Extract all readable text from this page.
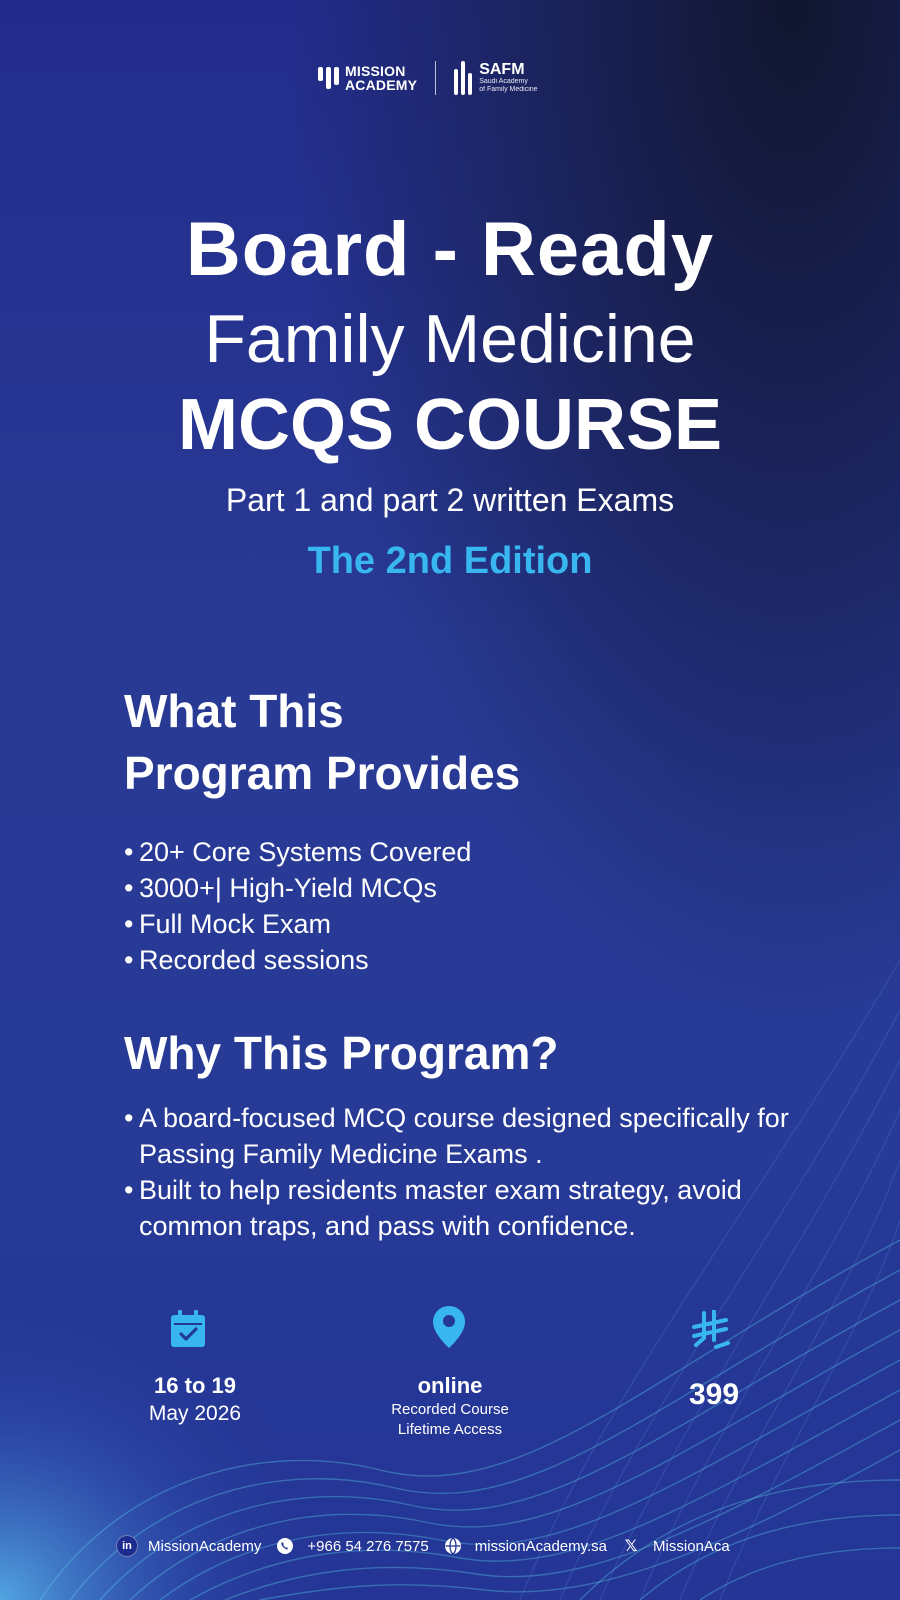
MISSION
ACADEMY
SAFM
Saudi Academy
of Family Medicine
Board - Ready
Family Medicine
MCQS COURSE
Part 1 and part 2 written Exams
The 2nd Edition
What This
Program Provides
• 20+ Core Systems Covered
• 3000+| High-Yield MCQs
• Full Mock Exam
• Recorded sessions
Why This Program?
• A board-focused MCQ course designed specifically for Passing Family Medicine Exams .
• Built to help residents master exam strategy, avoid common traps, and pass with confidence.
16 to 19
May 2026
online
Recorded Course
Lifetime Access
399
in	MissionAcademy	+966 54 276 7575	missionAcademy.sa 𝕏 MissionAca
